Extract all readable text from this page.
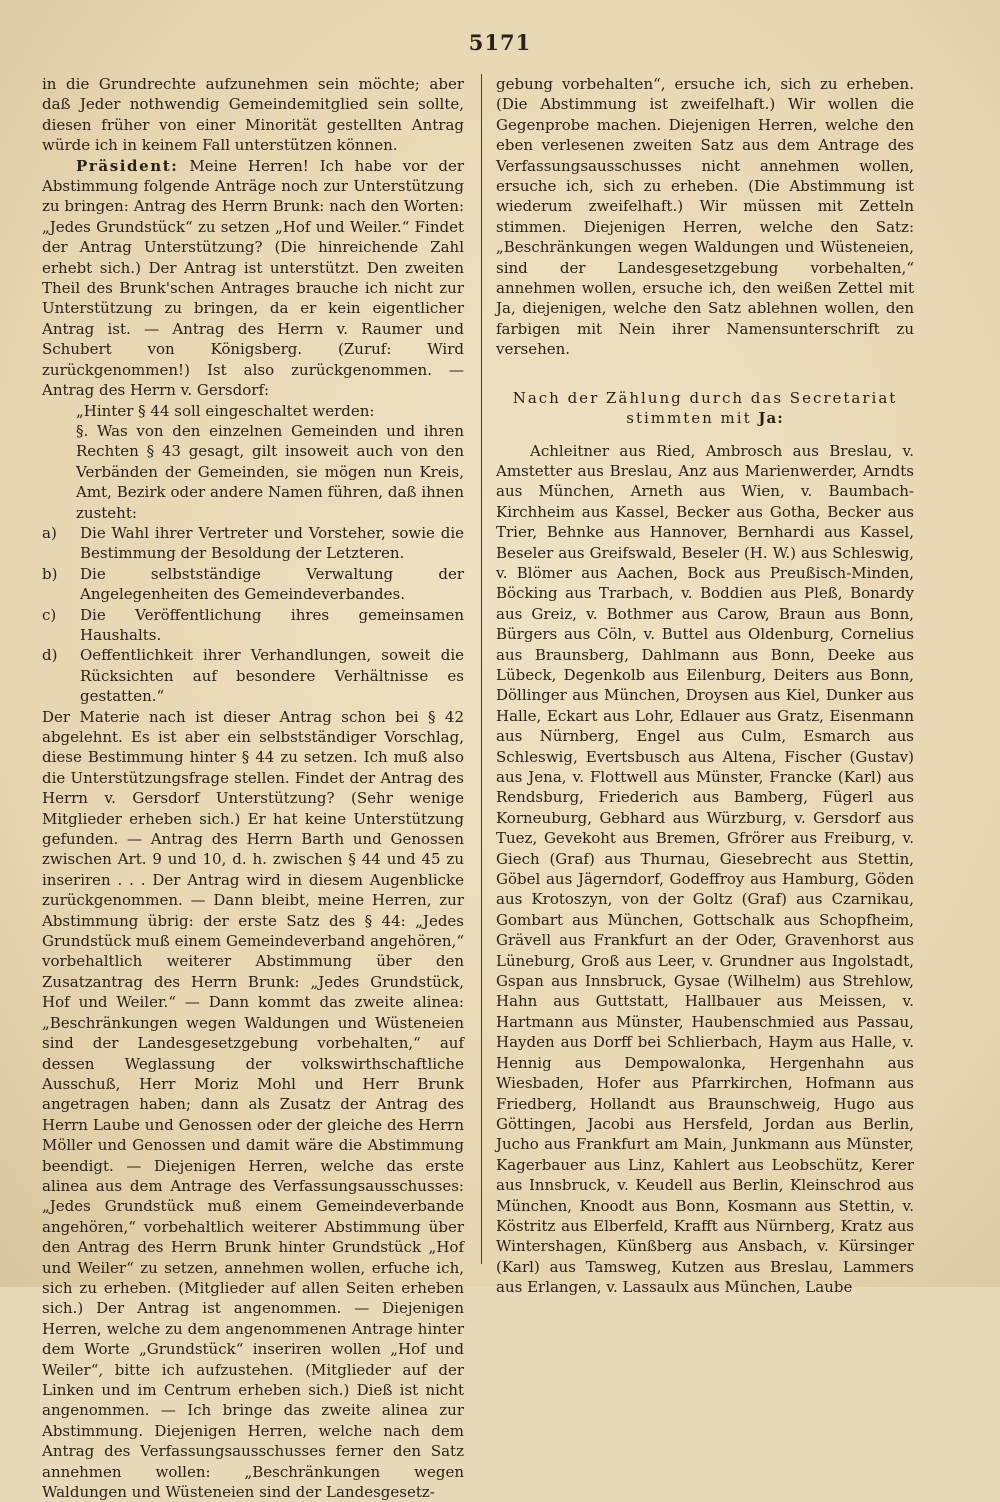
5171

in die Grundrechte aufzunehmen sein möchte; aber daß Jeder nothwendig Gemeindemitglied sein sollte, diesen früher von einer Minorität gestellten Antrag würde ich in keinem Fall unterstützen können.

Präsident: Meine Herren! Ich habe vor der Abstimmung folgende Anträge noch zur Unterstützung zu bringen: Antrag des Herrn Brunk: nach den Worten: „Jedes Grundstück“ zu setzen „Hof und Weiler.“ Findet der Antrag Unterstützung? (Die hinreichende Zahl erhebt sich.) Der Antrag ist unterstützt. Den zweiten Theil des Brunk'schen Antrages brauche ich nicht zur Unterstützung zu bringen, da er kein eigentlicher Antrag ist. — Antrag des Herrn v. Raumer und Schubert von Königsberg. (Zuruf: Wird zurückgenommen!) Ist also zurückgenommen. — Antrag des Herrn v. Gersdorf:

„Hinter § 44 soll eingeschaltet werden:

§. Was von den einzelnen Gemeinden und ihren Rechten § 43 gesagt, gilt insoweit auch von den Verbänden der Gemeinden, sie mögen nun Kreis, Amt, Bezirk oder andere Namen führen, daß ihnen zusteht:

a)	Die Wahl ihrer Vertreter und Vorsteher, sowie die Bestimmung der Besoldung der Letzteren.
b)	Die selbstständige Verwaltung der Angelegenheiten des Gemeindeverbandes.
c)	Die Veröffentlichung ihres gemeinsamen Haushalts.
d)	Oeffentlichkeit ihrer Verhandlungen, soweit die Rücksichten auf besondere Verhältnisse es gestatten.“

Der Materie nach ist dieser Antrag schon bei § 42 abgelehnt. Es ist aber ein selbstständiger Vorschlag, diese Bestimmung hinter § 44 zu setzen. Ich muß also die Unterstützungsfrage stellen. Findet der Antrag des Herrn v. Gersdorf Unterstützung? (Sehr wenige Mitglieder erheben sich.) Er hat keine Unterstützung gefunden. — Antrag des Herrn Barth und Genossen zwischen Art. 9 und 10, d. h. zwischen § 44 und 45 zu inseriren . . . Der Antrag wird in diesem Augenblicke zurückgenommen. — Dann bleibt, meine Herren, zur Abstimmung übrig: der erste Satz des § 44: „Jedes Grundstück muß einem Gemeindeverband angehören,“ vorbehaltlich weiterer Abstimmung über den Zusatzantrag des Herrn Brunk: „Jedes Grundstück, Hof und Weiler.“ — Dann kommt das zweite alinea: „Beschränkungen wegen Waldungen und Wüsteneien sind der Landesgesetzgebung vorbehalten,“ auf dessen Weglassung der volkswirthschaftliche Ausschuß, Herr Moriz Mohl und Herr Brunk angetragen haben; dann als Zusatz der Antrag des Herrn Laube und Genossen oder der gleiche des Herrn Möller und Genossen und damit wäre die Abstimmung beendigt. — Diejenigen Herren, welche das erste alinea aus dem Antrage des Verfassungsausschusses: „Jedes Grundstück muß einem Gemeindeverbande angehören,“ vorbehaltlich weiterer Abstimmung über den Antrag des Herrn Brunk hinter Grundstück „Hof und Weiler“ zu setzen, annehmen wollen, erfuche ich, sich zu erheben. (Mitglieder auf allen Seiten erheben sich.) Der Antrag ist angenommen. — Diejenigen Herren, welche zu dem angenommenen Antrage hinter dem Worte „Grundstück“ inseriren wollen „Hof und Weiler“, bitte ich aufzustehen. (Mitglieder auf der Linken und im Centrum erheben sich.) Dieß ist nicht angenommen. — Ich bringe das zweite alinea zur Abstimmung. Diejenigen Herren, welche nach dem Antrag des Verfassungsausschusses ferner den Satz annehmen wollen: „Beschränkungen wegen Waldungen und Wüsteneien sind der Landesgesetz-

gebung vorbehalten“, ersuche ich, sich zu erheben. (Die Abstimmung ist zweifelhaft.) Wir wollen die Gegenprobe machen. Diejenigen Herren, welche den eben verlesenen zweiten Satz aus dem Antrage des Verfassungsausschusses nicht annehmen wollen, ersuche ich, sich zu erheben. (Die Abstimmung ist wiederum zweifelhaft.) Wir müssen mit Zetteln stimmen. Diejenigen Herren, welche den Satz: „Beschränkungen wegen Waldungen und Wüsteneien, sind der Landesgesetzgebung vorbehalten,“ annehmen wollen, ersuche ich, den weißen Zettel mit Ja, diejenigen, welche den Satz ablehnen wollen, den farbigen mit Nein ihrer Namensunterschrift zu versehen.

Nach der Zählung durch das Secretariat
stimmten mit Ja:

Achleitner aus Ried, Ambrosch aus Breslau, v. Amstetter aus Breslau, Anz aus Marienwerder, Arndts aus München, Arneth aus Wien, v. Baumbach-Kirchheim aus Kassel, Becker aus Gotha, Becker aus Trier, Behnke aus Hannover, Bernhardi aus Kassel, Beseler aus Greifswald, Beseler (H. W.) aus Schleswig, v. Blömer aus Aachen, Bock aus Preußisch-Minden, Böcking aus Trarbach, v. Boddien aus Pleß, Bonardy aus Greiz, v. Bothmer aus Carow, Braun aus Bonn, Bürgers aus Cöln, v. Buttel aus Oldenburg, Cornelius aus Braunsberg, Dahlmann aus Bonn, Deeke aus Lübeck, Degenkolb aus Eilenburg, Deiters aus Bonn, Döllinger aus München, Droysen aus Kiel, Dunker aus Halle, Eckart aus Lohr, Edlauer aus Gratz, Eisenmann aus Nürnberg, Engel aus Culm, Esmarch aus Schleswig, Evertsbusch aus Altena, Fischer (Gustav) aus Jena, v. Flottwell aus Münster, Francke (Karl) aus Rendsburg, Friederich aus Bamberg, Fügerl aus Korneuburg, Gebhard aus Würzburg, v. Gersdorf aus Tuez, Gevekoht aus Bremen, Gfrörer aus Freiburg, v. Giech (Graf) aus Thurnau, Giesebrecht aus Stettin, Göbel aus Jägerndorf, Godeffroy aus Hamburg, Göden aus Krotoszyn, von der Goltz (Graf) aus Czarnikau, Gombart aus München, Gottschalk aus Schopfheim, Grävell aus Frankfurt an der Oder, Gravenhorst aus Lüneburg, Groß aus Leer, v. Grundner aus Ingolstadt, Gspan aus Innsbruck, Gysae (Wilhelm) aus Strehlow, Hahn aus Guttstatt, Hallbauer aus Meissen, v. Hartmann aus Münster, Haubenschmied aus Passau, Hayden aus Dorff bei Schlierbach, Haym aus Halle, v. Hennig aus Dempowalonka, Hergenhahn aus Wiesbaden, Hofer aus Pfarrkirchen, Hofmann aus Friedberg, Hollandt aus Braunschweig, Hugo aus Göttingen, Jacobi aus Hersfeld, Jordan aus Berlin, Jucho aus Frankfurt am Main, Junkmann aus Münster, Kagerbauer aus Linz, Kahlert aus Leobschütz, Kerer aus Innsbruck, v. Keudell aus Berlin, Kleinschrod aus München, Knoodt aus Bonn, Kosmann aus Stettin, v. Köstritz aus Elberfeld, Krafft aus Nürnberg, Kratz aus Wintershagen, Künßberg aus Ansbach, v. Kürsinger (Karl) aus Tamsweg, Kutzen aus Breslau, Lammers aus Erlangen, v. Lassaulx aus München, Laube
